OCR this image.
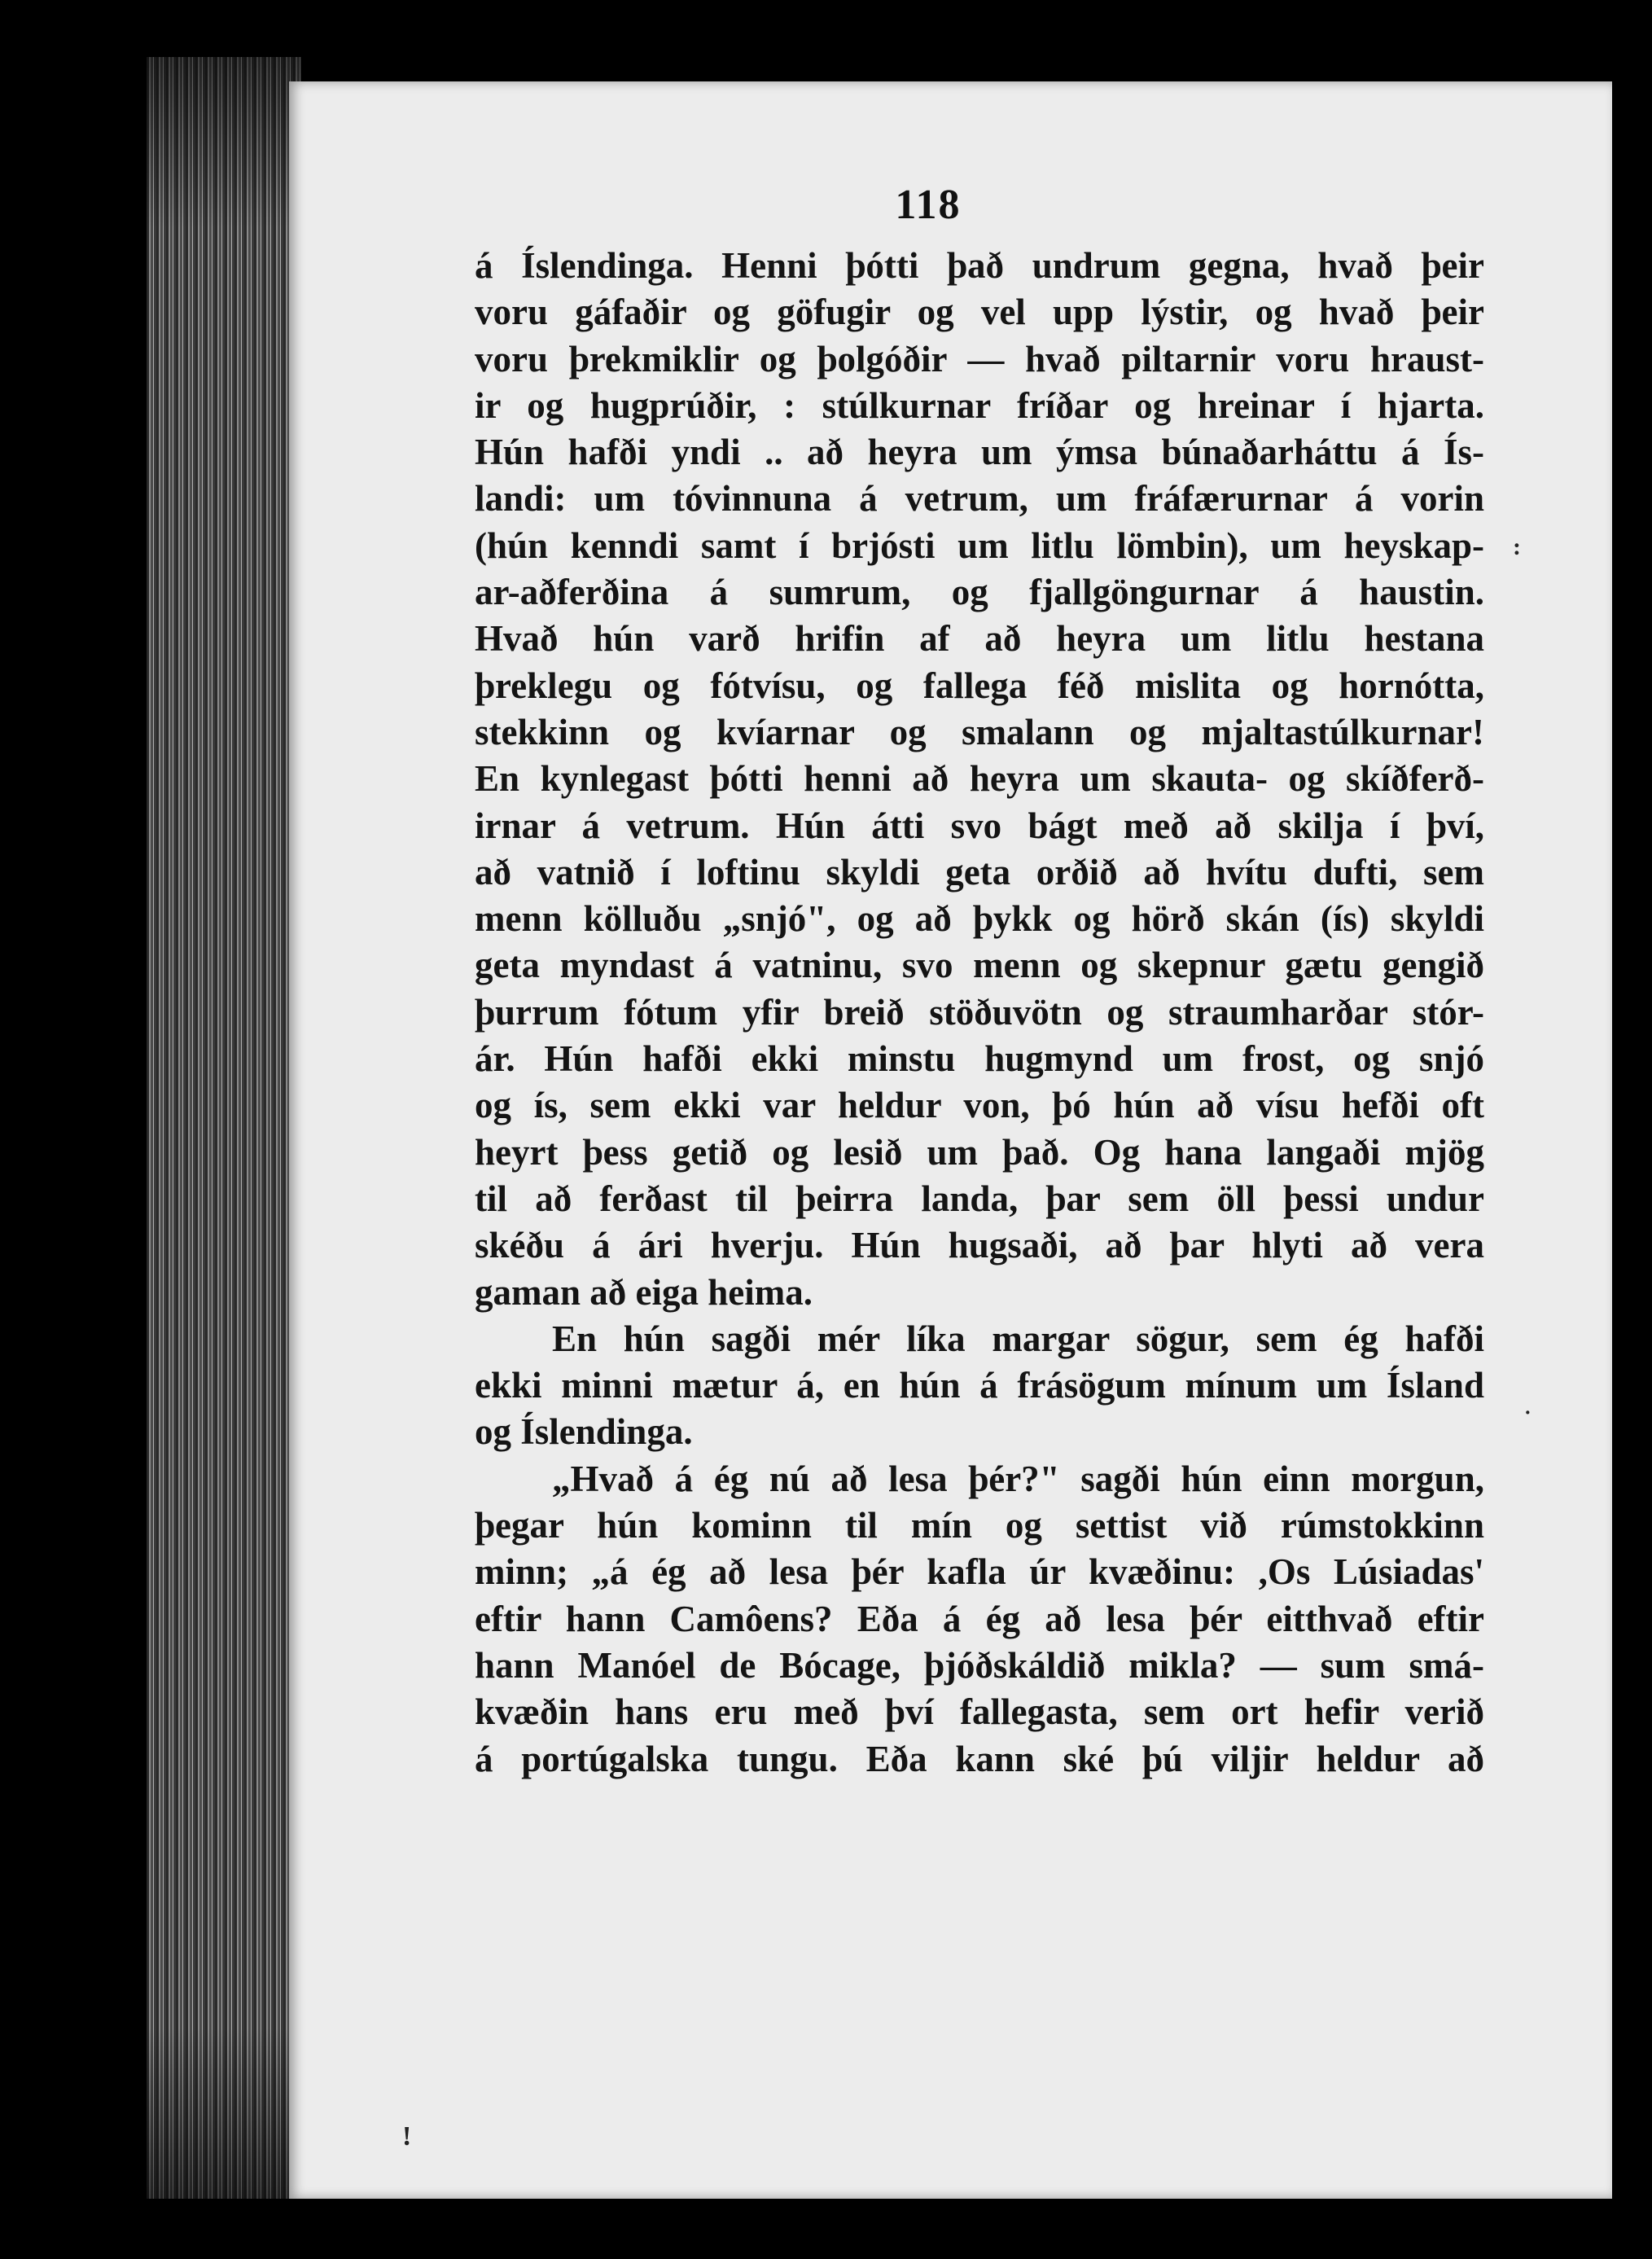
118
á Íslendinga. Henni þótti það undrum gegna, hvað þeir
voru gáfaðir og göfugir og vel upp lýstir, og hvað þeir
voru þrekmiklir og þolgóðir — hvað piltarnir voru hraust-
ir og hugprúðir, : stúlkurnar fríðar og hreinar í hjarta.
Hún hafði yndi .. að heyra um ýmsa búnaðarháttu á Ís-
landi: um tóvinnuna á vetrum, um fráfærurnar á vorin
(hún kenndi samt í brjósti um litlu lömbin), um heyskap-
ar-aðferðina á sumrum, og fjallgöngurnar á haustin.
Hvað hún varð hrifin af að heyra um litlu hestana
þreklegu og fótvísu, og fallega féð mislita og hornótta,
stekkinn og kvíarnar og smalann og mjaltastúlkurnar!
En kynlegast þótti henni að heyra um skauta- og skíðferð-
irnar á vetrum. Hún átti svo bágt með að skilja í því,
að vatnið í loftinu skyldi geta orðið að hvítu dufti, sem
menn kölluðu „snjó", og að þykk og hörð skán (ís) skyldi
geta myndast á vatninu, svo menn og skepnur gætu gengið
þurrum fótum yfir breið stöðuvötn og straumharðar stór-
ár. Hún hafði ekki minstu hugmynd um frost, og snjó
og ís, sem ekki var heldur von, þó hún að vísu hefði oft
heyrt þess getið og lesið um það. Og hana langaði mjög
til að ferðast til þeirra landa, þar sem öll þessi undur
skéðu á ári hverju. Hún hugsaði, að þar hlyti að vera
gaman að eiga heima.
En hún sagði mér líka margar sögur, sem ég hafði
ekki minni mætur á, en hún á frásögum mínum um Ísland
og Íslendinga.
„Hvað á ég nú að lesa þér?" sagði hún einn morgun,
þegar hún kominn til mín og settist við rúmstokkinn
minn; „á ég að lesa þér kafla úr kvæðinu: ,Os Lúsiadas'
eftir hann Camôens? Eða á ég að lesa þér eitthvað eftir
hann Manóel de Bócage, þjóðskáldið mikla? — sum smá-
kvæðin hans eru með því fallegasta, sem ort hefir verið
á portúgalska tungu. Eða kann ské þú viljir heldur að
:
·
!
